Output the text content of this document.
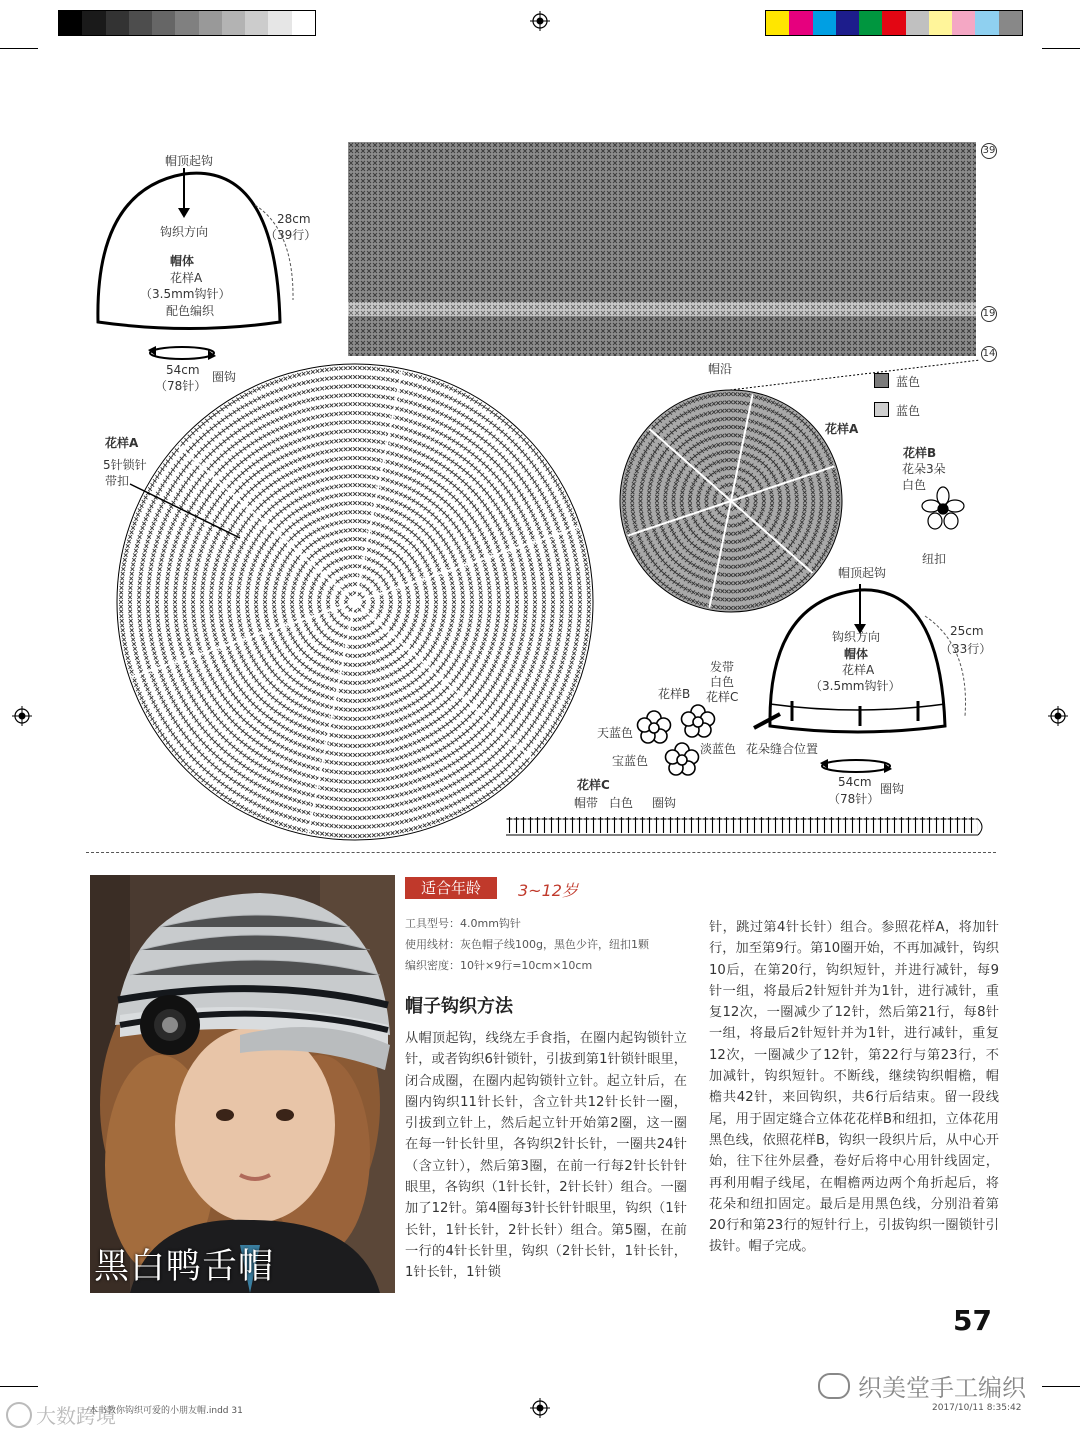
帽顶起钩
钩织方向
帽体
花样A
（3.5mm钩针）
配色编织
28cm
（39行）
54cm
（78针）
圈钩
39
19
14
帽沿
蓝色
蓝色
花样A
5针锁针
带扣
花样A
花样B
花朵3朵
白色
纽扣
帽顶起钩
钩织方向
帽体
花样A
（3.5mm钩针）
25cm
（33行）
发带
白色
花样C
花样B
天蓝色
宝蓝色
淡蓝色 花朵缝合位置
54cm
（78针）
圈钩
花样C
帽带 白色 圈钩
黑白鸭舌帽
适合年龄	3~12岁
工具型号：4.0mm钩针
使用线材：灰色帽子线100g，黑色少许，纽扣1颗
编织密度：10针×9行=10cm×10cm
帽子钩织方法
从帽顶起钩，线绕左手食指，在圈内起钩锁针立针，或者钩织6针锁针，引拔到第1针锁针眼里，闭合成圈，在圈内起钩锁针立针。起立针后，在圈内钩织11针长针，含立针共12针长针一圈，引拔到立针上，然后起立针开始第2圈，这一圈在每一针长针里，各钩织2针长针，一圈共24针（含立针），然后第3圈，在前一行每2针长针针眼里，各钩织（1针长针，2针长针）组合。一圈加了12针。第4圈每3针长针针眼里，钩织（1针长针，1针长针，2针长针）组合。第5圈，在前一行的4针长针里，钩织（2针长针，1针长针，1针长针，1针锁
针，跳过第4针长针）组合。参照花样A，将加针行，加至第9行。第10圈开始，不再加减针，钩织10后，在第20行，钩织短针，并进行减针，每9针一组，将最后2针短针并为1针，进行减针，重复12次，一圈减少了12针，然后第21行，每8针一组，将最后2针短针并为1针，进行减针，重复12次，一圈减少了12针，第22行与第23行，不加减针，钩织短针。不断线，继续钩织帽檐，帽檐共42针，来回钩织，共6行后结束。留一段线尾，用于固定缝合立体花花样B和纽扣，立体花用黑色线，依照花样B，钩织一段织片后，从中心开始，往下往外层叠，卷好后将中心用针线固定，再利用帽子线尾，在帽檐两边两个角折起后，将花朵和纽扣固定。最后是用黑色线，分别沿着第20行和第23行的短针行上，引拔钩织一圈锁针引拔针。帽子完成。
57
织美堂手工编织
大数跨境
一本书教你钩织可爱的小朋友帽.indd 31	2017/10/11 8:35:42
